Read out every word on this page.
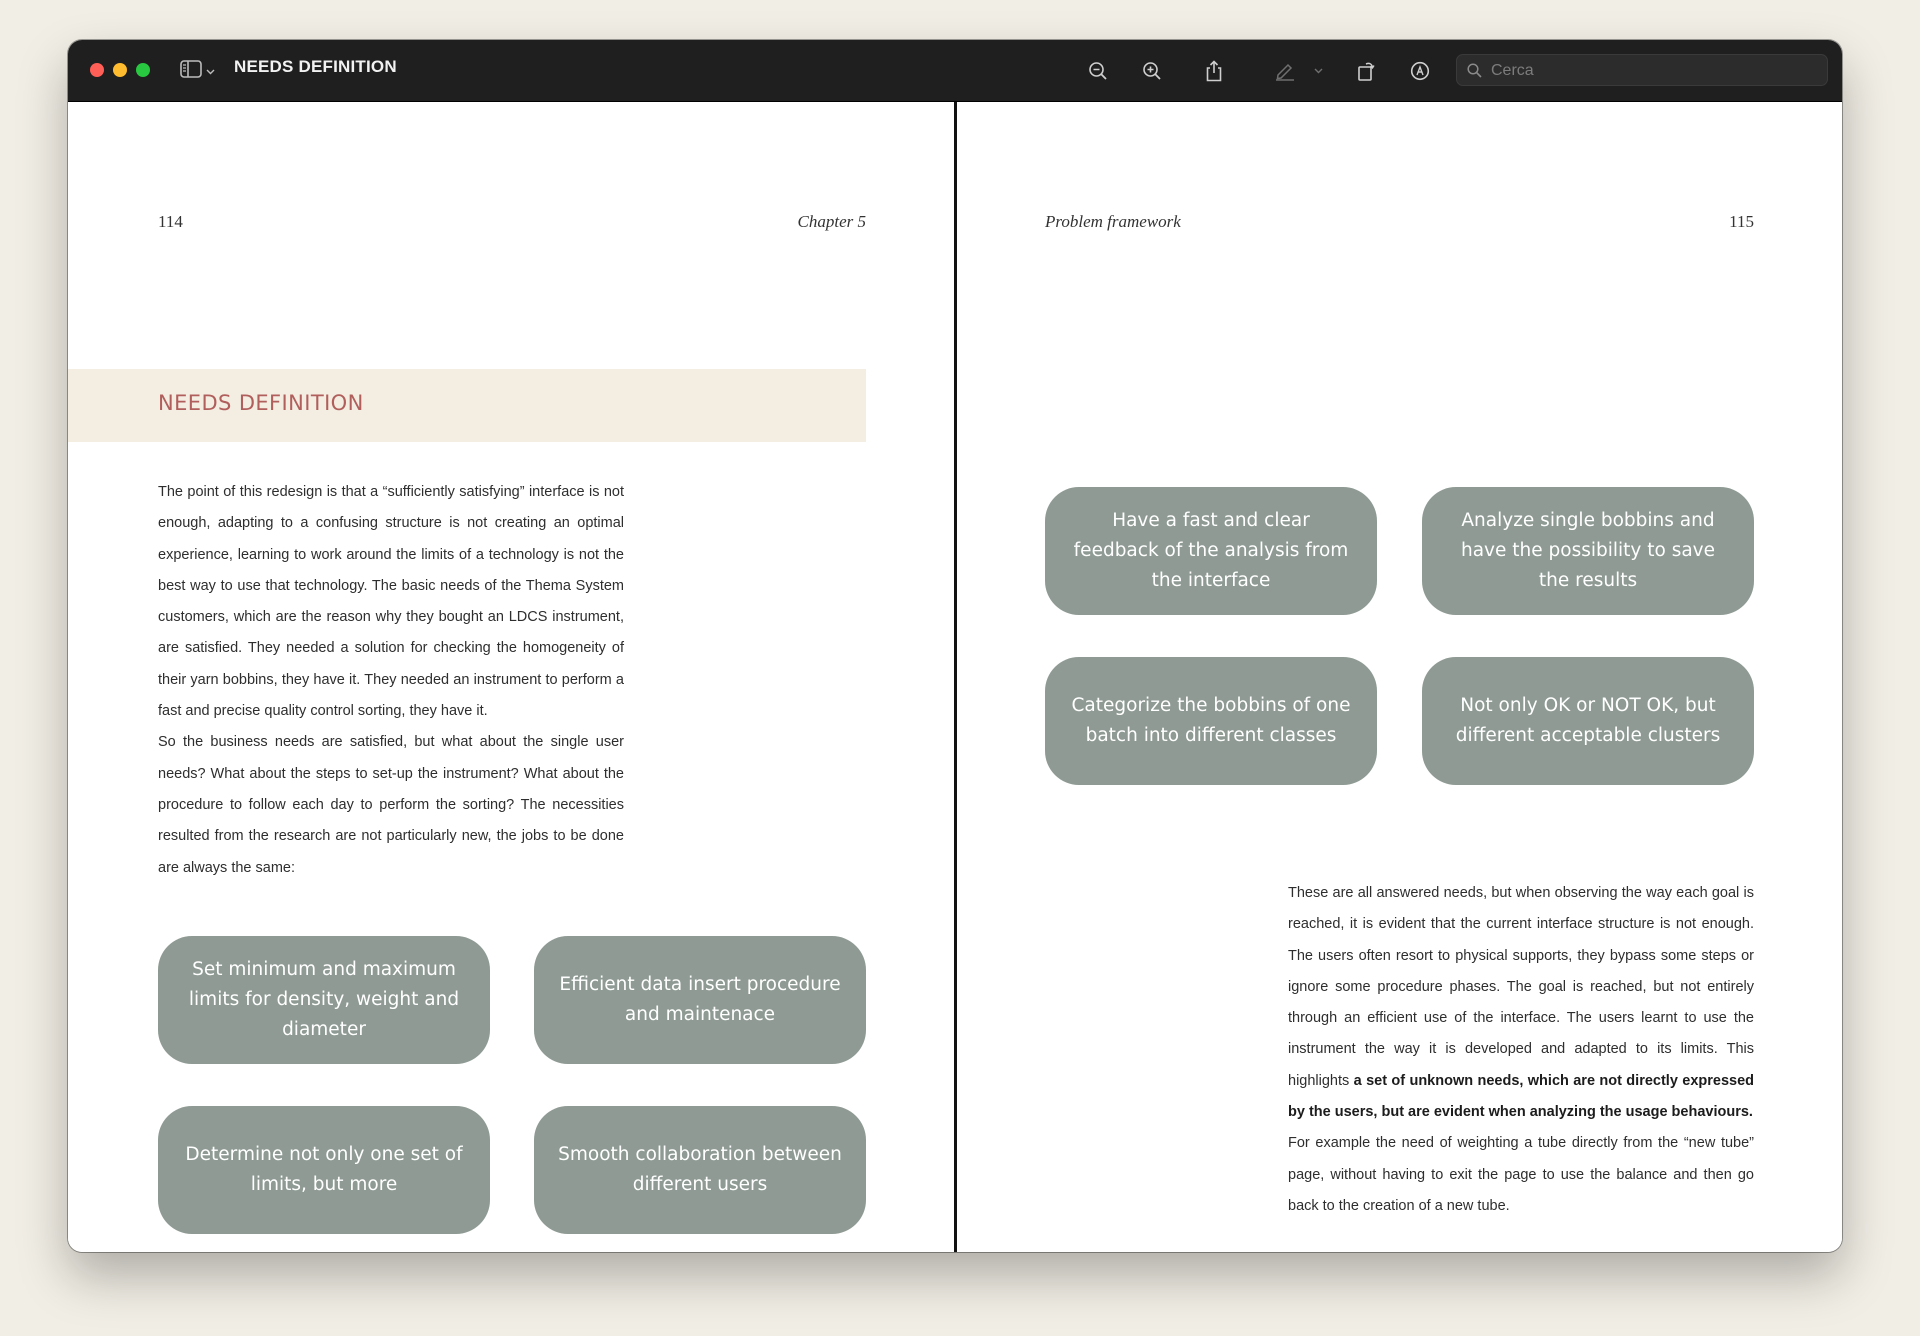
NEEDS DEFINITION
Cerca
114	Chapter 5
NEEDS DEFINITION

The point of this redesign is that a “sufficiently satisfying” interface is not enough, adapting to a confusing structure is not creating an optimal experience, learning to work around the limits of a technology is not the best way to use that technology. The basic needs of the Thema System customers, which are the reason why they bought an LDCS instrument, are satisfied. They needed a solution for checking the homogeneity of their yarn bobbins, they have it. They needed an instrument to perform a fast and precise quality control sorting, they have it.

So the business needs are satisfied, but what about the single user needs? What about the steps to set-up the instrument? What about the procedure to follow each day to perform the sorting? The necessities resulted from the research are not particularly new, the jobs to be done are always the same:

Set minimum and maximum limits for density, weight and diameter
Efficient data insert procedure and maintenace
Determine not only one set of limits, but more
Smooth collaboration between different users
Problem framework	115
Have a fast and clear feedback of the analysis from the interface
Analyze single bobbins and have the possibility to save the results
Categorize the bobbins of one batch into different classes
Not only OK or NOT OK, but different acceptable clusters

These are all answered needs, but when observing the way each goal is reached, it is evident that the current interface structure is not enough. The users often resort to physical supports, they bypass some steps or ignore some procedure phases. The goal is reached, but not entirely through an efficient use of the interface. The users learnt to use the instrument the way it is developed and adapted to its limits. This highlights a set of unknown needs, which are not directly expressed by the users, but are evident when analyzing the usage behaviours.

For example the need of weighting a tube directly from the “new tube” page, without having to exit the page to use the balance and then go back to the creation of a new tube.
